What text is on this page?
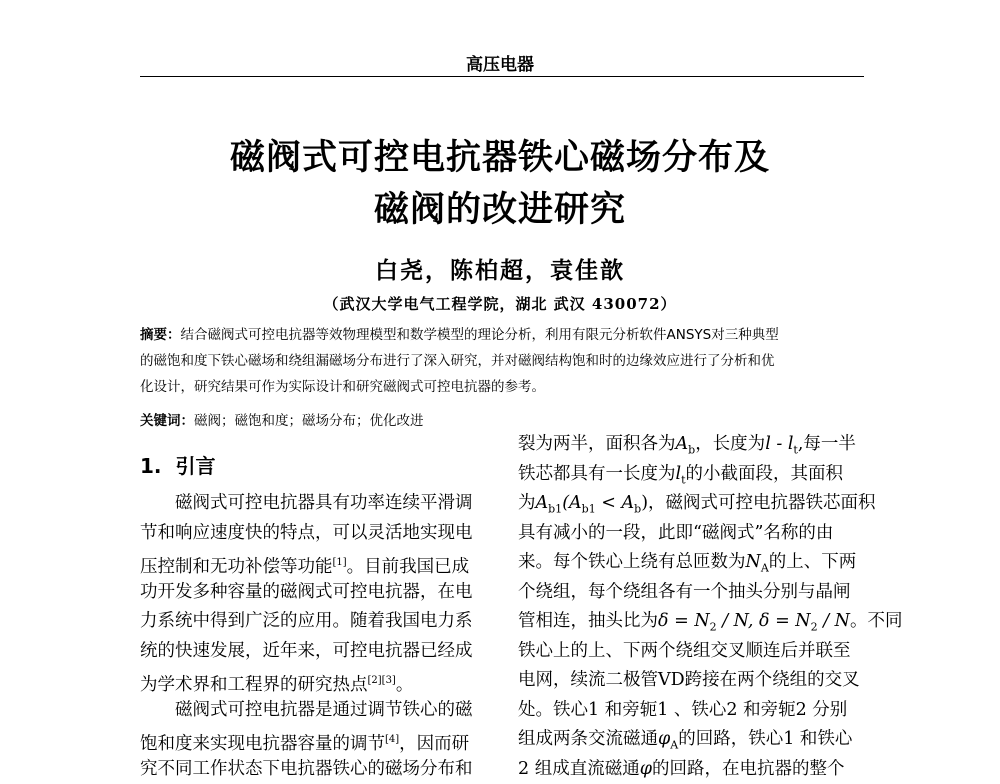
高压电器
磁阀式可控电抗器铁心磁场分布及
磁阀的改进研究
白尧，陈柏超，袁佳歆
（武汉大学电气工程学院，湖北 武汉 430072）
摘要：结合磁阀式可控电抗器等效物理模型和数学模型的理论分析，利用有限元分析软件ANSYS对三种典型
的磁饱和度下铁心磁场和绕组漏磁场分布进行了深入研究，并对磁阀结构饱和时的边缘效应进行了分析和优
化设计，研究结果可作为实际设计和研究磁阀式可控电抗器的参考。
关键词：磁阀；磁饱和度；磁场分布；优化改进
1. 引言
磁阀式可控电抗器具有功率连续平滑调
节和响应速度快的特点，可以灵活地实现电
压控制和无功补偿等功能[1]。目前我国已成
功开发多种容量的磁阀式可控电抗器，在电
力系统中得到广泛的应用。随着我国电力系
统的快速发展，近年来，可控电抗器已经成
为学术界和工程界的研究热点[2][3]。
磁阀式可控电抗器是通过调节铁心的磁
饱和度来实现电抗器容量的调节[4]，因而研
究不同工作状态下电抗器铁心的磁场分布和
裂为两半，面积各为$A_b$，长度为l - $l_t$,每一半
铁芯都具有一长度为$l_t$的小截面段，其面积
为$A_{b1}(A_{b1} < A_b)$，磁阀式可控电抗器铁芯面积
具有减小的一段，此即“磁阀式”名称的由
来。每个铁心上绕有总匝数为$N_A$的上、下两
个绕组，每个绕组各有一个抽头分别与晶闸
管相连，抽头比为$\delta = N_2 / N$, $\delta = N_2 / N$。不同
铁心上的上、下两个绕组交叉顺连后并联至
电网，续流二极管VD跨接在两个绕组的交叉
处。铁心1 和旁轭1 、铁心2 和旁轭2 分别
组成两条交流磁通$\varphi_A$的回路，铁心1 和铁心
2 组成直流磁通φ的回路，在电抗器的整个
